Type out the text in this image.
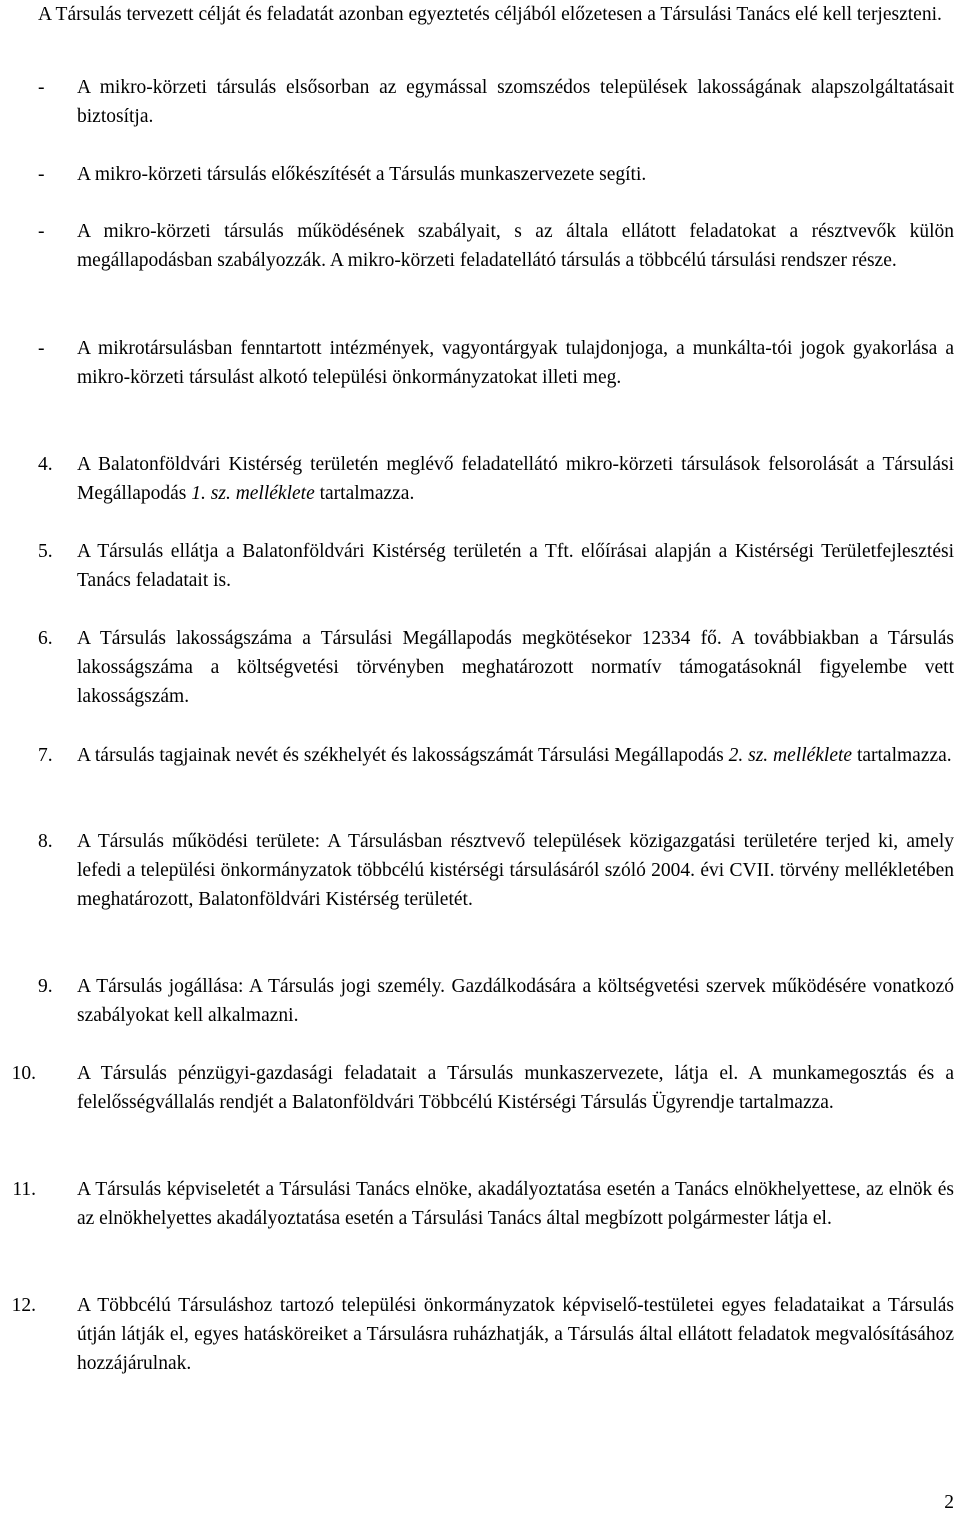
A Társulás tervezett célját és feladatát azonban egyeztetés céljából előzetesen a Társulási Tanács elé kell terjeszteni.

- A mikro-körzeti társulás elsősorban az egymással szomszédos települések lakosságának alapszolgáltatásait biztosítja.

- A mikro-körzeti társulás előkészítését a Társulás munkaszervezete segíti.

- A mikro-körzeti társulás működésének szabályait, s az általa ellátott feladatokat a résztvevők külön megállapodásban szabályozzák. A mikro-körzeti feladatellátó társulás a többcélú társulási rendszer része.

- A mikrotársulásban fenntartott intézmények, vagyontárgyak tulajdonjoga, a munkálta-tói jogok gyakorlása a mikro-körzeti társulást alkotó települési önkormányzatokat illeti meg.

4. A Balatonföldvári Kistérség területén meglévő feladatellátó mikro-körzeti társulások felsorolását a Társulási Megállapodás 1. sz. melléklete tartalmazza.

5. A Társulás ellátja a Balatonföldvári Kistérség területén a Tft. előírásai alapján a Kistérségi Területfejlesztési Tanács feladatait is.

6. A Társulás lakosságszáma a Társulási Megállapodás megkötésekor 12334 fő. A továbbiakban a Társulás lakosságszáma a költségvetési törvényben meghatározott normatív támogatásoknál figyelembe vett lakosságszám.

7. A társulás tagjainak nevét és székhelyét és lakosságszámát Társulási Megállapodás 2. sz. melléklete tartalmazza.

8. A Társulás működési területe: A Társulásban résztvevő települések közigazgatási területére terjed ki, amely lefedi a települési önkormányzatok többcélú kistérségi társulásáról szóló 2004. évi CVII. törvény mellékletében meghatározott, Balatonföldvári Kistérség területét.

9. A Társulás jogállása: A Társulás jogi személy. Gazdálkodására a költségvetési szervek működésére vonatkozó szabályokat kell alkalmazni.

10. A Társulás pénzügyi-gazdasági feladatait a Társulás munkaszervezete, látja el. A munkamegosztás és a felelősségvállalás rendjét a Balatonföldvári Többcélú Kistérségi Társulás Ügyrendje tartalmazza.

11. A Társulás képviseletét a Társulási Tanács elnöke, akadályoztatása esetén a Tanács elnökhelyettese, az elnök és az elnökhelyettes akadályoztatása esetén a Társulási Tanács által megbízott polgármester látja el.

12. A Többcélú Társuláshoz tartozó települési önkormányzatok képviselő-testületei egyes feladataikat a Társulás útján látják el, egyes hatásköreiket a Társulásra ruházhatják, a Társulás által ellátott feladatok megvalósításához hozzájárulnak.

2
